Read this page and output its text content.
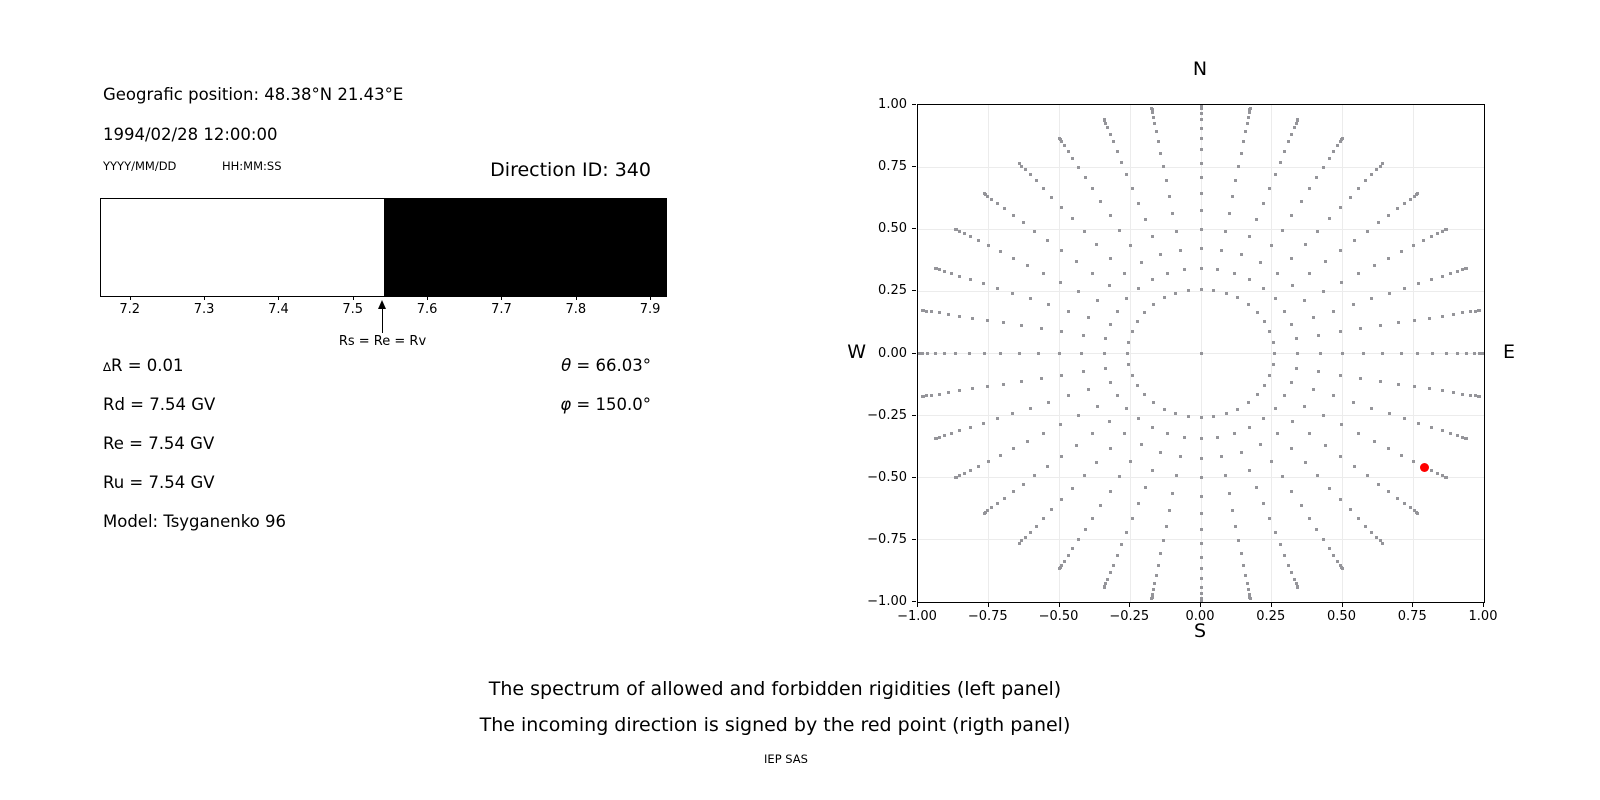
Geografic position: 48.38°N 21.43°E
1994/02/28 12:00:00
YYYY/MM/DD	HH:MM:SS	Direction ID: 340
7.2	7.3	7.4	7.5	7.6	7.7	7.8	7.9
Rs = Re = Rv
∆R = 0.01
Rd = 7.54 GV
Re = 7.54 GV
Ru = 7.54 GV
Model: Tsyganenko 96
θ = 66.03°
φ = 150.0°
N
S
W	E
1.00
0.75
0.50
0.25
0.00
−0.25
−0.50
−0.75
−1.00
−1.00	−0.75	−0.50	−0.25	0.00	0.25	0.50	0.75	1.00
The spectrum of allowed and forbidden rigidities (left panel)
The incoming direction is signed by the red point (rigth panel)
IEP SAS
